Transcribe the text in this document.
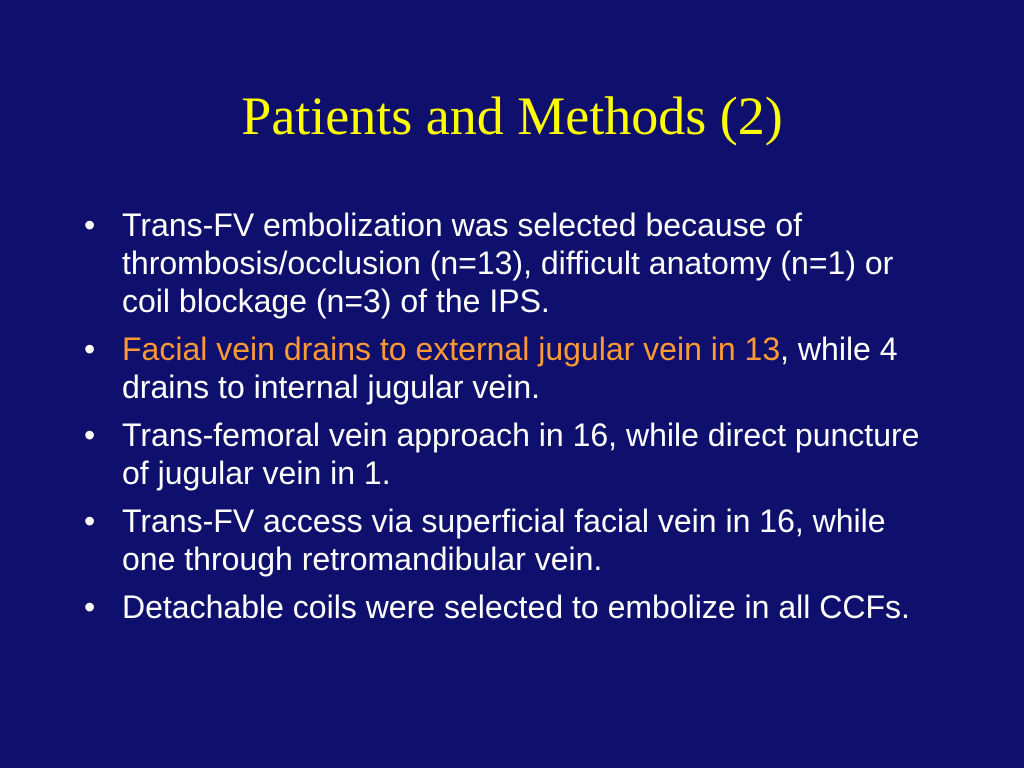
Patients and Methods (2)
• Trans-FV embolization was selected because of thrombosis/occlusion (n=13), difficult anatomy (n=1) or coil blockage (n=3) of the IPS.
• Facial vein drains to external jugular vein in 13, while 4 drains to internal jugular vein.
• Trans-femoral vein approach in 16, while direct puncture of jugular vein in 1.
• Trans-FV access via superficial facial vein in 16, while one through retromandibular vein.
• Detachable coils were selected to embolize in all CCFs.
